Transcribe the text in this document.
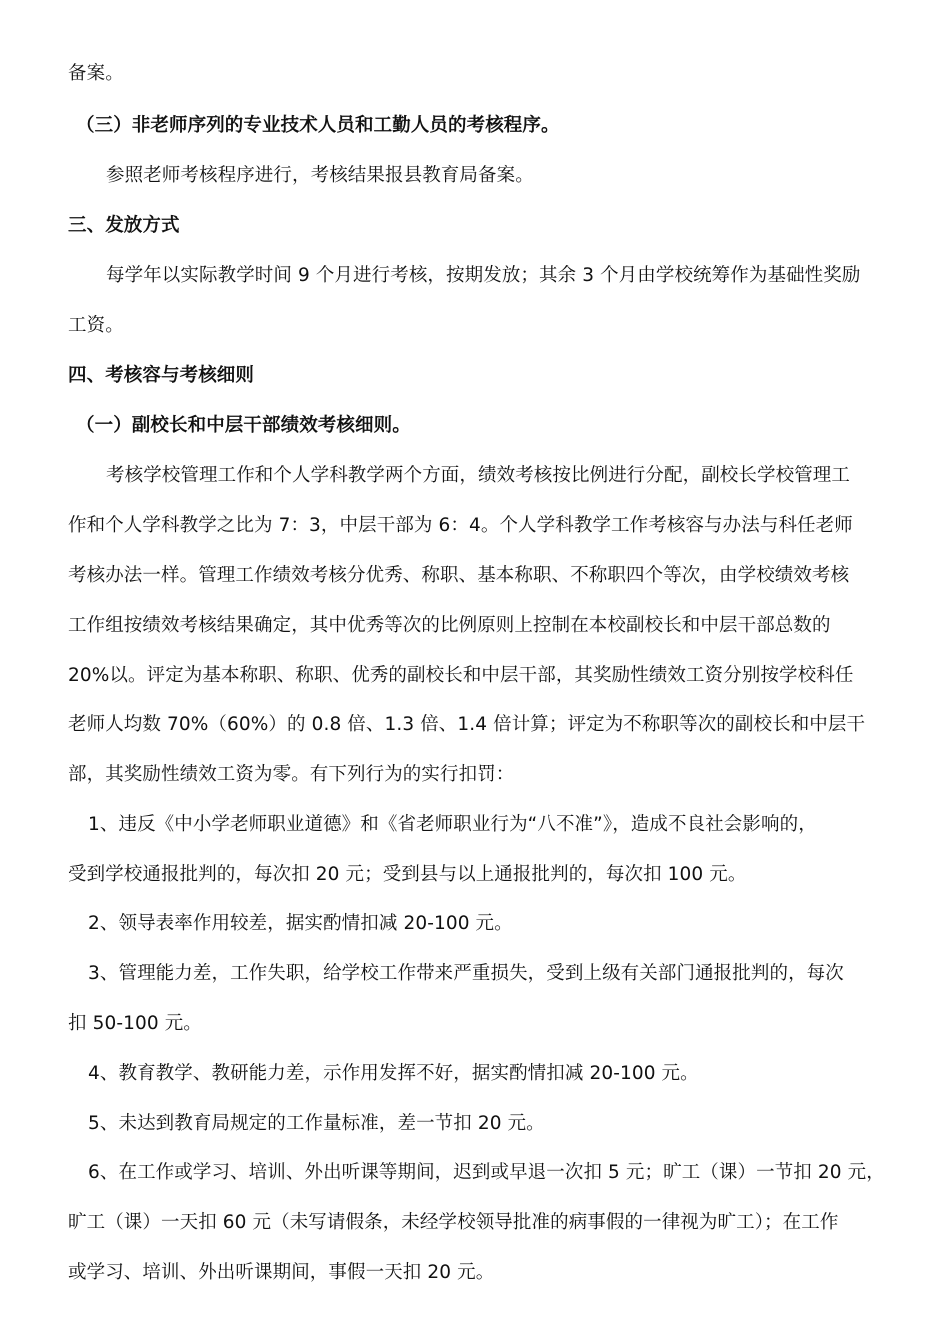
备案。
（三）非老师序列的专业技术人员和工勤人员的考核程序。
参照老师考核程序进行，考核结果报县教育局备案。
三、发放方式
每学年以实际教学时间 9 个月进行考核，按期发放；其余 3 个月由学校统筹作为基础性奖励
工资。
四、考核容与考核细则
（一）副校长和中层干部绩效考核细则。
考核学校管理工作和个人学科教学两个方面，绩效考核按比例进行分配，副校长学校管理工
作和个人学科教学之比为 7：3，中层干部为 6：4。个人学科教学工作考核容与办法与科任老师
考核办法一样。管理工作绩效考核分优秀、称职、基本称职、不称职四个等次，由学校绩效考核
工作组按绩效考核结果确定，其中优秀等次的比例原则上控制在本校副校长和中层干部总数的
20%以。评定为基本称职、称职、优秀的副校长和中层干部，其奖励性绩效工资分别按学校科任
老师人均数 70%（60%）的 0.8 倍、1.3 倍、1.4 倍计算；评定为不称职等次的副校长和中层干
部，其奖励性绩效工资为零。有下列行为的实行扣罚：
1、违反《中小学老师职业道德》和《省老师职业行为“八不准”》，造成不良社会影响的，
受到学校通报批判的，每次扣 20 元；受到县与以上通报批判的，每次扣 100 元。
2、领导表率作用较差，据实酌情扣减 20-100 元。
3、管理能力差，工作失职，给学校工作带来严重损失，受到上级有关部门通报批判的，每次
扣 50-100 元。
4、教育教学、教研能力差，示作用发挥不好，据实酌情扣减 20-100 元。
5、未达到教育局规定的工作量标准，差一节扣 20 元。
6、在工作或学习、培训、外出听课等期间，迟到或早退一次扣 5 元；旷工（课）一节扣 20 元，
旷工（课）一天扣 60 元（未写请假条，未经学校领导批准的病事假的一律视为旷工）；在工作
或学习、培训、外出听课期间，事假一天扣 20 元。
